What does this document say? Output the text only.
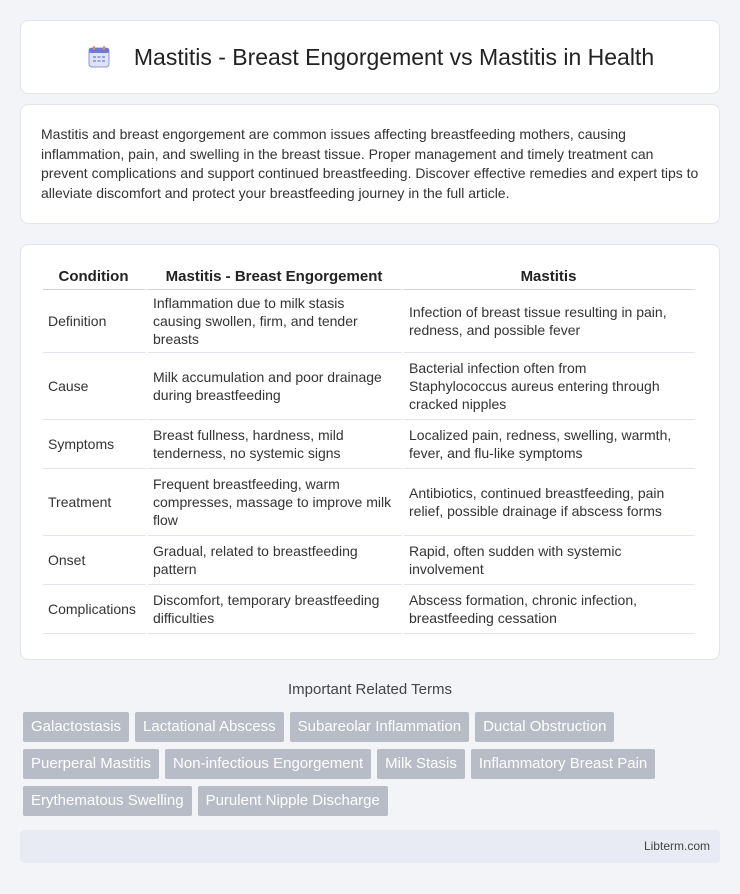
Mastitis - Breast Engorgement vs Mastitis in Health

Mastitis and breast engorgement are common issues affecting breastfeeding mothers, causing inflammation, pain, and swelling in the breast tissue. Proper management and timely treatment can prevent complications and support continued breastfeeding. Discover effective remedies and expert tips to alleviate discomfort and protect your breastfeeding journey in the full article.

Condition	Mastitis - Breast Engorgement	Mastitis
Definition	Inflammation due to milk stasis causing swollen, firm, and tender breasts	Infection of breast tissue resulting in pain, redness, and possible fever
Cause	Milk accumulation and poor drainage during breastfeeding	Bacterial infection often from Staphylococcus aureus entering through cracked nipples
Symptoms	Breast fullness, hardness, mild tenderness, no systemic signs	Localized pain, redness, swelling, warmth, fever, and flu-like symptoms
Treatment	Frequent breastfeeding, warm compresses, massage to improve milk flow	Antibiotics, continued breastfeeding, pain relief, possible drainage if abscess forms
Onset	Gradual, related to breastfeeding pattern	Rapid, often sudden with systemic involvement
Complications	Discomfort, temporary breastfeeding difficulties	Abscess formation, chronic infection, breastfeeding cessation
Important Related Terms
Galactostasis	Lactational Abscess	Subareolar Inflammation	Ductal Obstruction
Puerperal Mastitis	Non-infectious Engorgement	Milk Stasis	Inflammatory Breast Pain
Erythematous Swelling	Purulent Nipple Discharge
Libterm.com
